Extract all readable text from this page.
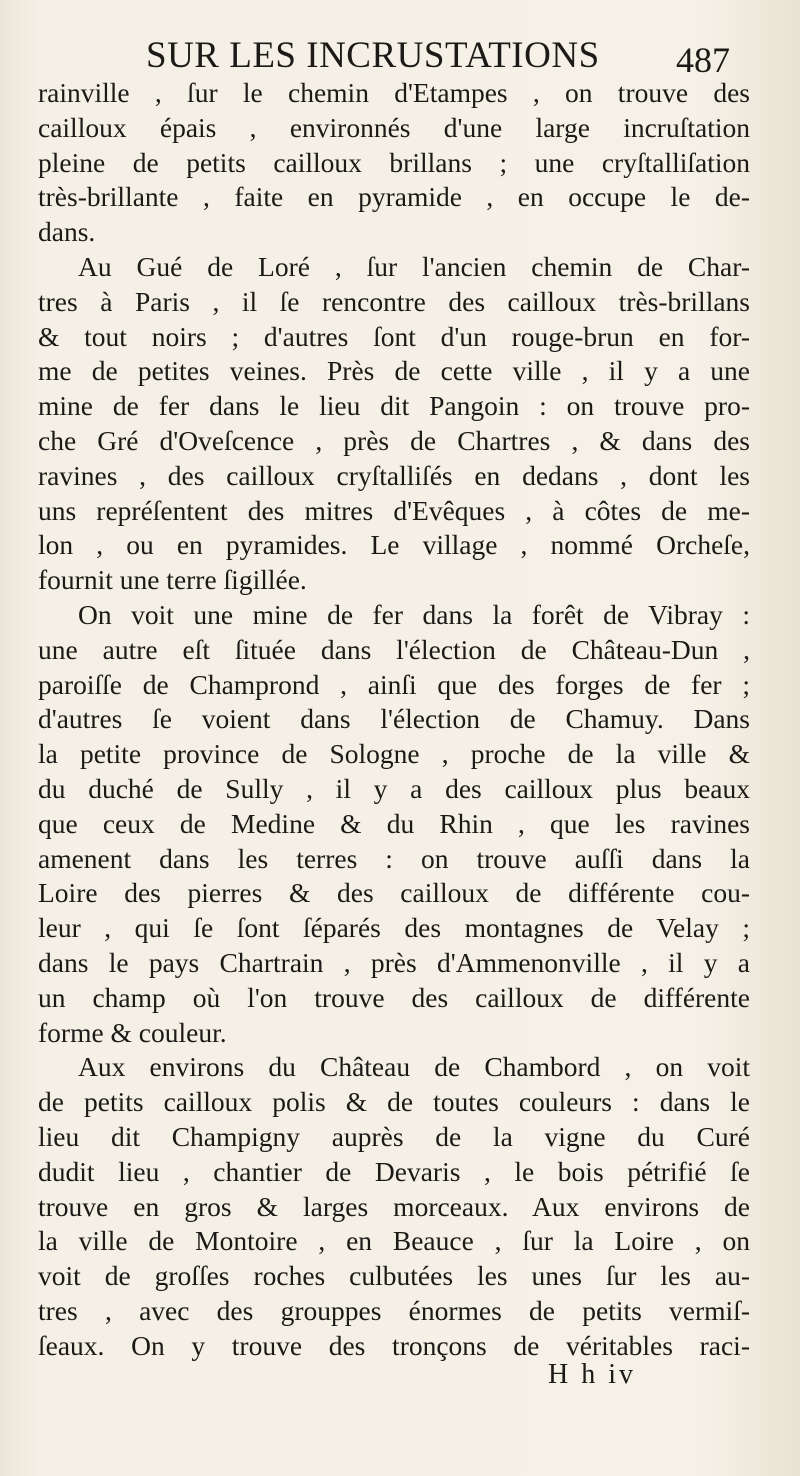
SUR LES INCRUSTATIONS 487
rainville , ſur le chemin d'Etampes , on trouve des
cailloux épais , environnés d'une large incruſtation
pleine de petits cailloux brillans ; une cryſtalliſation
très-brillante , faite en pyramide , en occupe le de-
dans.
Au Gué de Loré , ſur l'ancien chemin de Char-
tres à Paris , il ſe rencontre des cailloux très-brillans
& tout noirs ; d'autres ſont d'un rouge-brun en for-
me de petites veines. Près de cette ville , il y a une
mine de fer dans le lieu dit Pangoin : on trouve pro-
che Gré d'Oveſcence , près de Chartres , & dans des
ravines , des cailloux cryſtalliſés en dedans , dont les
uns repréſentent des mitres d'Evêques , à côtes de me-
lon , ou en pyramides. Le village , nommé Orcheſe,
fournit une terre ſigillée.
On voit une mine de fer dans la forêt de Vibray :
une autre eſt ſituée dans l'élection de Château-Dun ,
paroiſſe de Champrond , ainſi que des forges de fer ;
d'autres ſe voient dans l'élection de Chamuy. Dans
la petite province de Sologne , proche de la ville &
du duché de Sully , il y a des cailloux plus beaux
que ceux de Medine & du Rhin , que les ravines
amenent dans les terres : on trouve auſſi dans la
Loire des pierres & des cailloux de différente cou-
leur , qui ſe ſont ſéparés des montagnes de Velay ;
dans le pays Chartrain , près d'Ammenonville , il y a
un champ où l'on trouve des cailloux de différente
forme & couleur.
Aux environs du Château de Chambord , on voit
de petits cailloux polis & de toutes couleurs : dans le
lieu dit Champigny auprès de la vigne du Curé
dudit lieu , chantier de Devaris , le bois pétrifié ſe
trouve en gros & larges morceaux. Aux environs de
la ville de Montoire , en Beauce , ſur la Loire , on
voit de groſſes roches culbutées les unes ſur les au-
tres , avec des grouppes énormes de petits vermiſ-
ſeaux. On y trouve des tronçons de véritables raci-
H h iv
